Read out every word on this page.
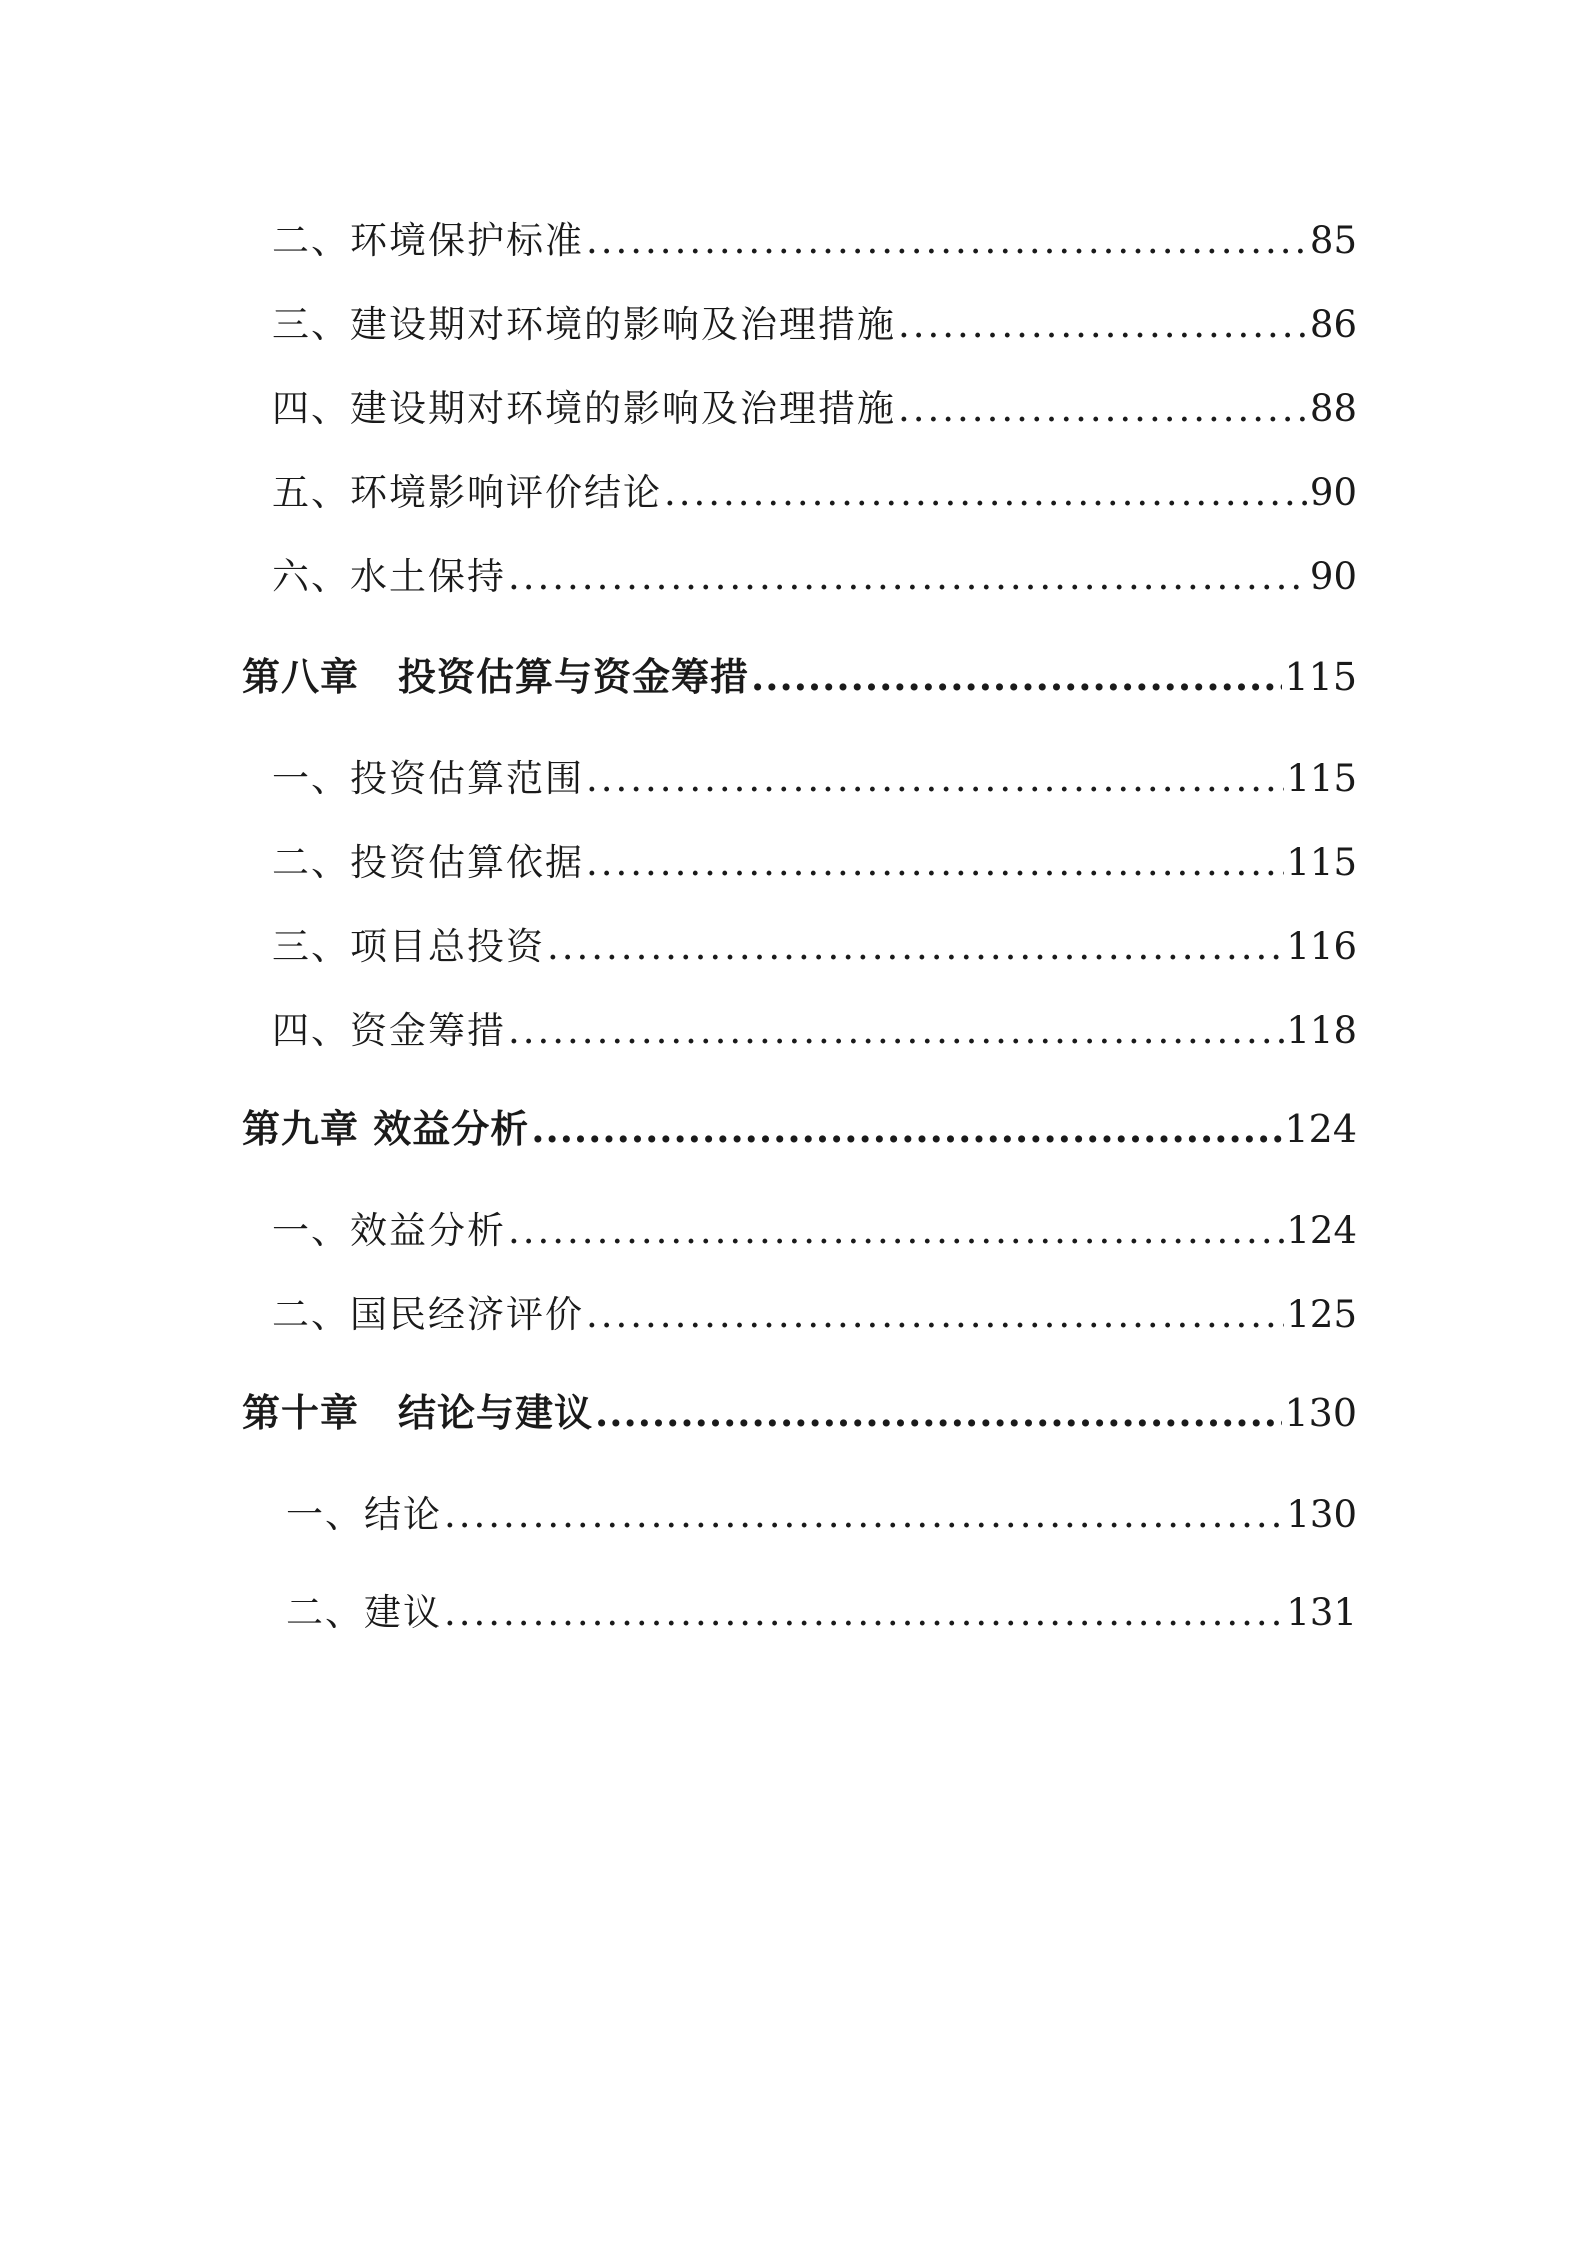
二、环境保护标准 .....	85
三、建设期对环境的影响及治理措施 .....	86
四、建设期对环境的影响及治理措施 .....	88
五、环境影响评价结论 .....	90
六、水土保持 .....	90
第八章　投资估算与资金筹措 .....	115
一、投资估算范围 .....	115
二、投资估算依据 .....	115
三、项目总投资 .....	116
四、资金筹措 .....	118
第九章 效益分析 .....	124
一、效益分析 .....	124
二、国民经济评价 .....	125
第十章　结论与建议 .....	130
一、结论 .....	130
二、建议 .....	131
